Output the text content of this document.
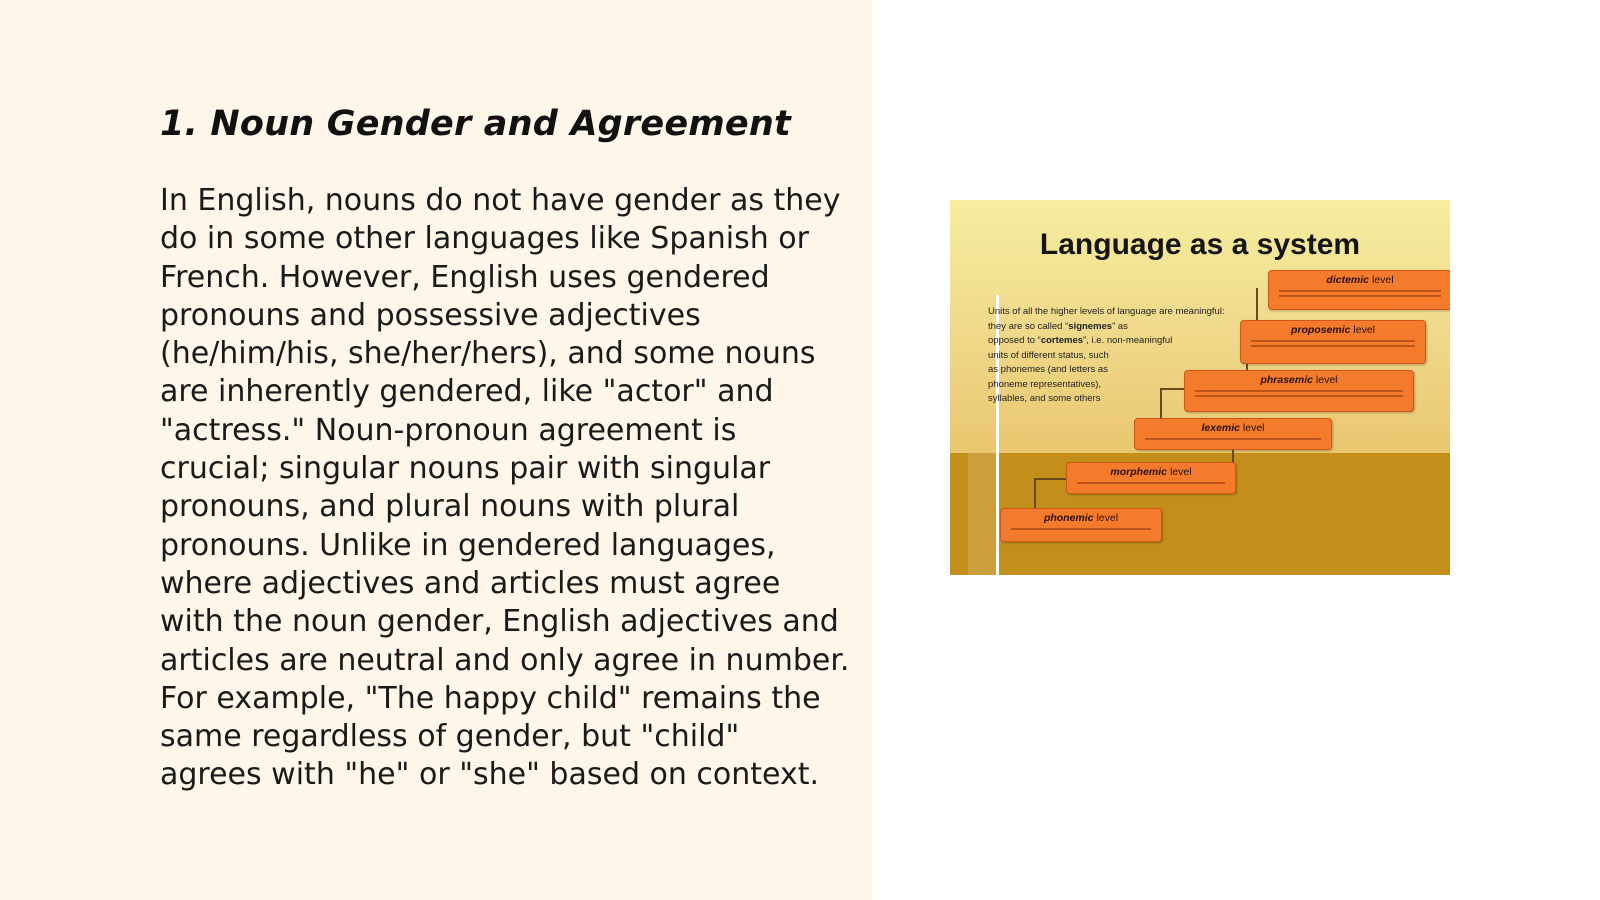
1. Noun Gender and Agreement

In English, nouns do not have gender as they do in some other languages like Spanish or French. However, English uses gendered pronouns and possessive adjectives (he/him/his, she/her/hers), and some nouns are inherently gendered, like "actor" and "actress." Noun-pronoun agreement is crucial; singular nouns pair with singular pronouns, and plural nouns with plural pronouns. Unlike in gendered languages, where adjectives and articles must agree with the noun gender, English adjectives and articles are neutral and only agree in number. For example, "The happy child" remains the same regardless of gender, but "child" agrees with "he" or "she" based on context.

Language as a system
Units of all the higher levels of language are meaningful:
they are so called “signemes” as
opposed to “cortemes”, i.e. non-meaningful
units of different status, such
as phonemes (and letters as
phoneme representatives),
syllables, and some others
dictemic level
proposemic level
phrasemic level
lexemic level
morphemic level
phonemic level
